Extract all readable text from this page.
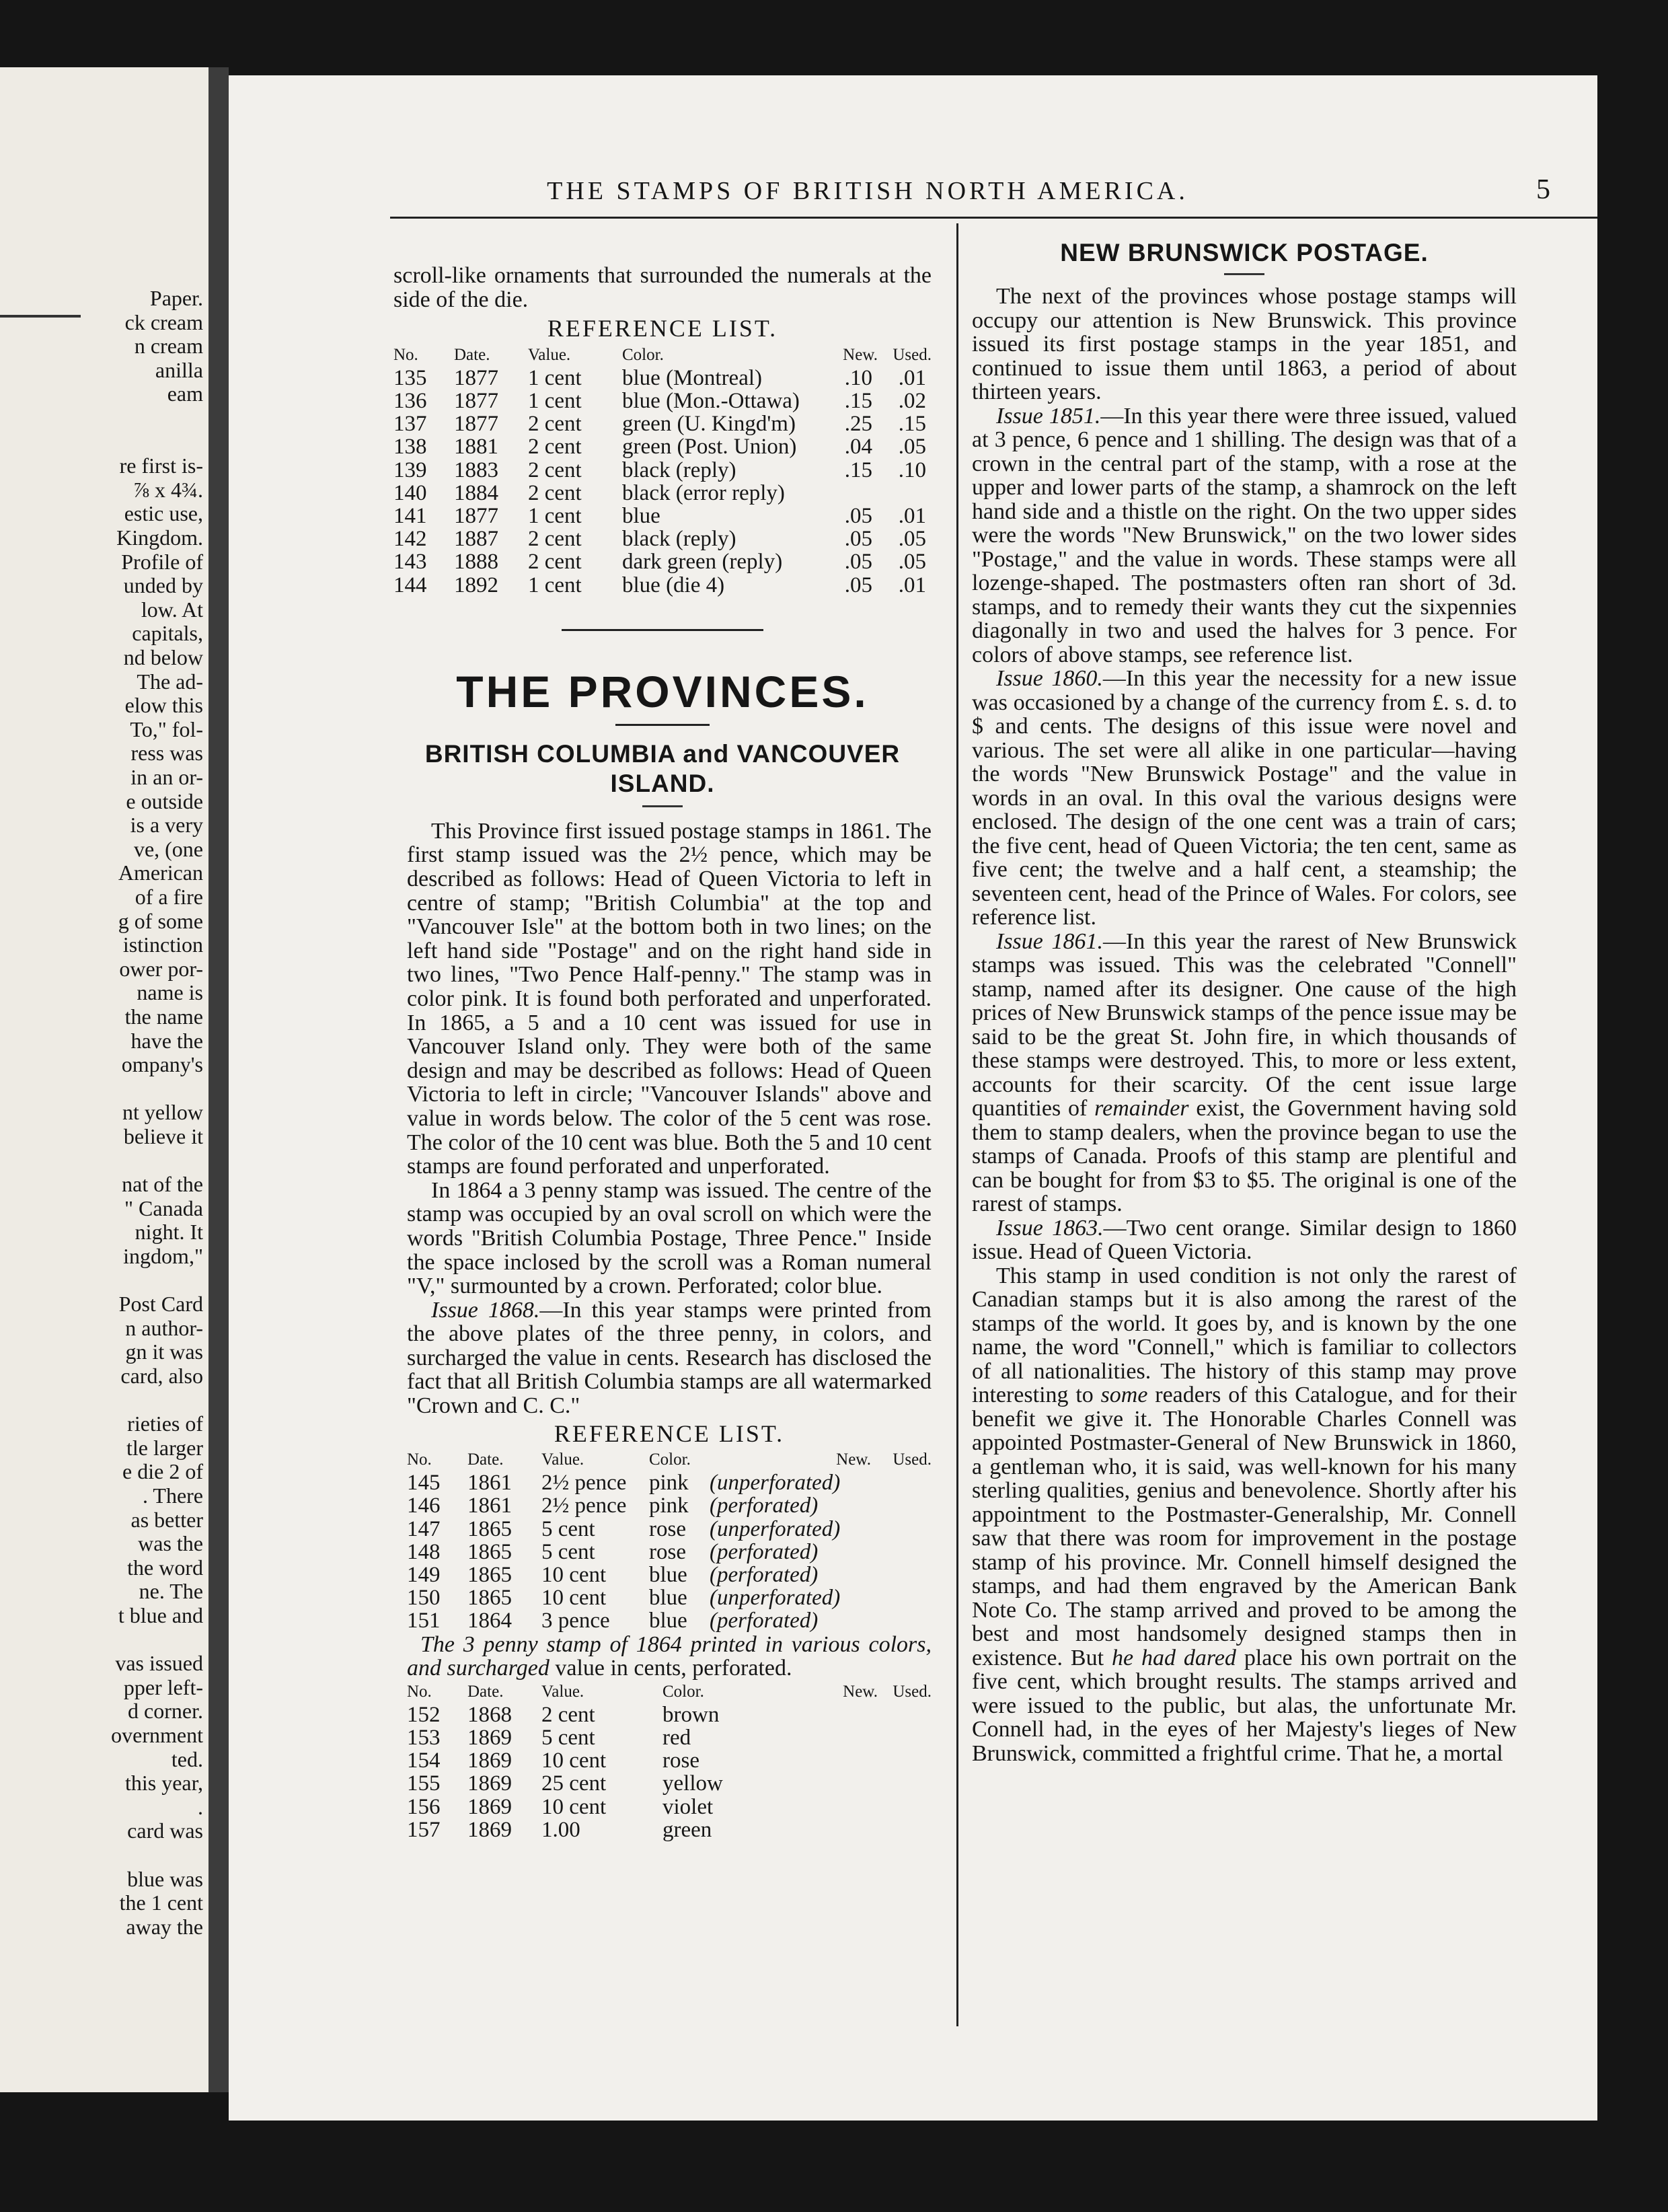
Paper.
ck cream
n cream
anilla
eam
re first is-
⅞ x 4¾.
estic use,
Kingdom.
Profile of
unded by
low. At
capitals,
nd below
The ad-
elow this
To," fol-
ress was
in an or-
e outside
is a very
ve, (one
American
of a fire
g of some
istinction
ower por-
name is
the name
have the
ompany's
nt yellow
believe it
nat of the
" Canada
night. It
ingdom,"
Post Card
n author-
gn it was
card, also
rieties of
tle larger
e die 2 of
. There
as better
was the
the word
ne. The
t blue and
vas issued
pper left-
d corner.
overnment
ted.
this year,
.
card was
blue was
the 1 cent
away the
THE STAMPS OF BRITISH NORTH AMERICA.	5

scroll-like ornaments that surrounded the numerals at the side of the die.

REFERENCE LIST.
No.	Date.	Value.	Color.	New.	Used.
135	1877	1 cent	blue (Montreal)	.10	.01
136	1877	1 cent	blue (Mon.-Ottawa)	.15	.02
137	1877	2 cent	green (U. Kingd'm)	.25	.15
138	1881	2 cent	green (Post. Union)	.04	.05
139	1883	2 cent	black (reply)	.15	.10
140	1884	2 cent	black (error reply)		
141	1877	1 cent	blue	.05	.01
142	1887	2 cent	black (reply)	.05	.05
143	1888	2 cent	dark green (reply)	.05	.05
144	1892	1 cent	blue (die 4)	.05	.01
THE PROVINCES.
BRITISH COLUMBIA and VANCOUVER ISLAND.

This Province first issued postage stamps in 1861. The first stamp issued was the 2½ pence, which may be described as follows: Head of Queen Victoria to left in centre of stamp; "British Columbia" at the top and "Vancouver Isle" at the bottom both in two lines; on the left hand side "Postage" and on the right hand side in two lines, "Two Pence Half-penny." The stamp was in color pink. It is found both perforated and unperforated. In 1865, a 5 and a 10 cent was issued for use in Vancouver Island only. They were both of the same design and may be described as follows: Head of Queen Victoria to left in circle; "Vancouver Islands" above and value in words below. The color of the 5 cent was rose. The color of the 10 cent was blue. Both the 5 and 10 cent stamps are found perforated and unperforated.

In 1864 a 3 penny stamp was issued. The centre of the stamp was occupied by an oval scroll on which were the words "British Columbia Postage, Three Pence." Inside the space inclosed by the scroll was a Roman numeral "V," surmounted by a crown. Perforated; color blue.

Issue 1868.—In this year stamps were printed from the above plates of the three penny, in colors, and surcharged the value in cents. Research has disclosed the fact that all British Columbia stamps are all watermarked "Crown and C. C."

REFERENCE LIST.
No.	Date.	Value.	Color.	New.	Used.
145	1861	2½ pence	pink	(unperforated)	
146	1861	2½ pence	pink	(perforated)	
147	1865	5 cent	rose	(unperforated)	
148	1865	5 cent	rose	(perforated)	
149	1865	10 cent	blue	(perforated)	
150	1865	10 cent	blue	(unperforated)	
151	1864	3 pence	blue	(perforated)	

The 3 penny stamp of 1864 printed in various colors, and surcharged value in cents, perforated.

No.	Date.	Value.	Color.	New.	Used.
152	1868	2 cent	brown		
153	1869	5 cent	red		
154	1869	10 cent	rose		
155	1869	25 cent	yellow		
156	1869	10 cent	violet		
157	1869	1.00	green		
NEW BRUNSWICK POSTAGE.

The next of the provinces whose postage stamps will occupy our attention is New Brunswick. This province issued its first postage stamps in the year 1851, and continued to issue them until 1863, a period of about thirteen years.

Issue 1851.—In this year there were three issued, valued at 3 pence, 6 pence and 1 shilling. The design was that of a crown in the central part of the stamp, with a rose at the upper and lower parts of the stamp, a shamrock on the left hand side and a thistle on the right. On the two upper sides were the words "New Brunswick," on the two lower sides "Postage," and the value in words. These stamps were all lozenge-shaped. The postmasters often ran short of 3d. stamps, and to remedy their wants they cut the sixpennies diagonally in two and used the halves for 3 pence. For colors of above stamps, see reference list.

Issue 1860.—In this year the necessity for a new issue was occasioned by a change of the currency from £. s. d. to $ and cents. The designs of this issue were novel and various. The set were all alike in one particular—having the words "New Brunswick Postage" and the value in words in an oval. In this oval the various designs were enclosed. The design of the one cent was a train of cars; the five cent, head of Queen Victoria; the ten cent, same as five cent; the twelve and a half cent, a steamship; the seventeen cent, head of the Prince of Wales. For colors, see reference list.

Issue 1861.—In this year the rarest of New Brunswick stamps was issued. This was the celebrated "Connell" stamp, named after its designer. One cause of the high prices of New Brunswick stamps of the pence issue may be said to be the great St. John fire, in which thousands of these stamps were destroyed. This, to more or less extent, accounts for their scarcity. Of the cent issue large quantities of remainder exist, the Government having sold them to stamp dealers, when the province began to use the stamps of Canada. Proofs of this stamp are plentiful and can be bought for from $3 to $5. The original is one of the rarest of stamps.

Issue 1863.—Two cent orange. Similar design to 1860 issue. Head of Queen Victoria.

This stamp in used condition is not only the rarest of Canadian stamps but it is also among the rarest of the stamps of the world. It goes by, and is known by the one name, the word "Connell," which is familiar to collectors of all nationalities. The history of this stamp may prove interesting to some readers of this Catalogue, and for their benefit we give it. The Honorable Charles Connell was appointed Postmaster-General of New Brunswick in 1860, a gentleman who, it is said, was well-known for his many sterling qualities, genius and benevolence. Shortly after his appointment to the Postmaster-Generalship, Mr. Connell saw that there was room for improvement in the postage stamp of his province. Mr. Connell himself designed the stamps, and had them engraved by the American Bank Note Co. The stamp arrived and proved to be among the best and most handsomely designed stamps then in existence. But he had dared place his own portrait on the five cent, which brought results. The stamps arrived and were issued to the public, but alas, the unfortunate Mr. Connell had, in the eyes of her Majesty's lieges of New Brunswick, committed a frightful crime. That he, a mortal
